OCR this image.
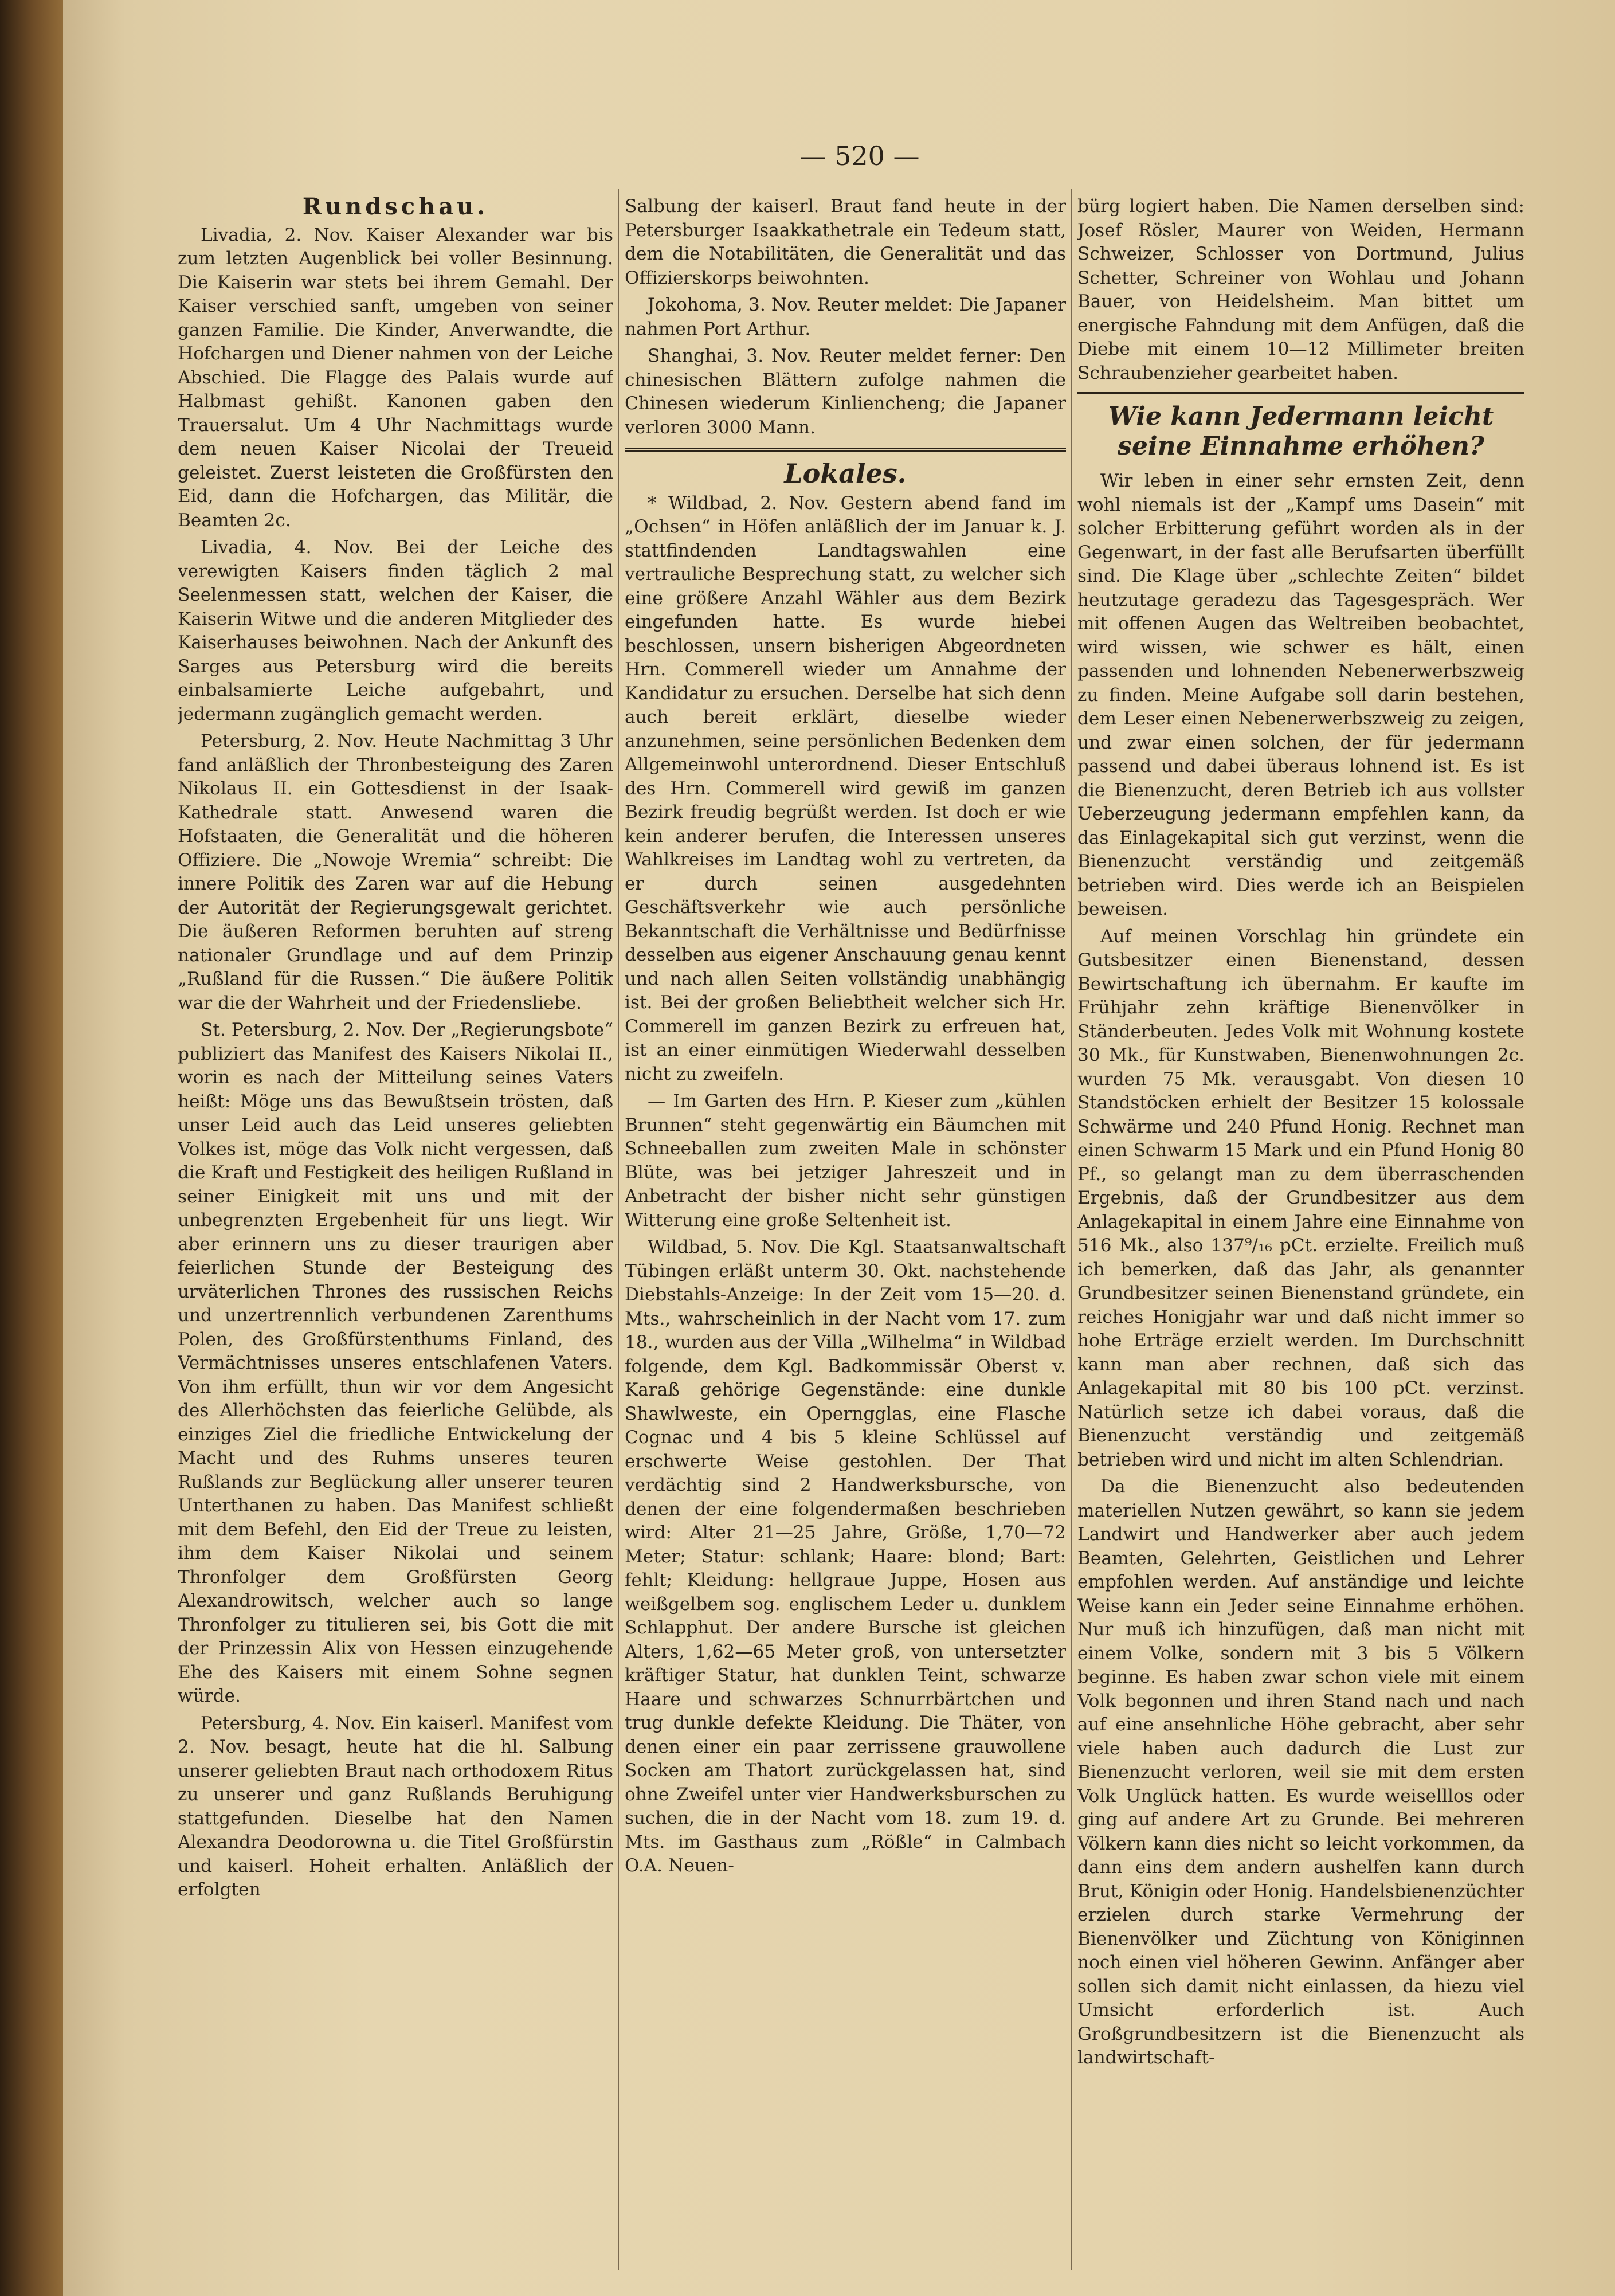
— 520 —
Rundschau.

Livadia, 2. Nov. Kaiser Alexander war bis zum letzten Augenblick bei voller Besinnung. Die Kaiserin war stets bei ihrem Gemahl. Der Kaiser verschied sanft, umgeben von seiner ganzen Familie. Die Kinder, Anverwandte, die Hofchargen und Diener nahmen von der Leiche Abschied. Die Flagge des Palais wurde auf Halbmast gehißt. Kanonen gaben den Trauersalut. Um 4 Uhr Nachmittags wurde dem neuen Kaiser Nicolai der Treueid geleistet. Zuerst leisteten die Großfürsten den Eid, dann die Hofchargen, das Militär, die Beamten 2c.

Livadia, 4. Nov. Bei der Leiche des verewigten Kaisers finden täglich 2 mal Seelenmessen statt, welchen der Kaiser, die Kaiserin Witwe und die anderen Mitglieder des Kaiserhauses beiwohnen. Nach der Ankunft des Sarges aus Petersburg wird die bereits einbalsamierte Leiche aufgebahrt, und jedermann zugänglich gemacht werden.

Petersburg, 2. Nov. Heute Nachmittag 3 Uhr fand anläßlich der Thronbesteigung des Zaren Nikolaus II. ein Gottesdienst in der Isaak-Kathedrale statt. Anwesend waren die Hofstaaten, die Generalität und die höheren Offiziere. Die „Nowoje Wremia“ schreibt: Die innere Politik des Zaren war auf die Hebung der Autorität der Regierungsgewalt gerichtet. Die äußeren Reformen beruhten auf streng nationaler Grundlage und auf dem Prinzip „Rußland für die Russen.“ Die äußere Politik war die der Wahrheit und der Friedensliebe.

St. Petersburg, 2. Nov. Der „Regierungsbote“ publiziert das Manifest des Kaisers Nikolai II., worin es nach der Mitteilung seines Vaters heißt: Möge uns das Bewußtsein trösten, daß unser Leid auch das Leid unseres geliebten Volkes ist, möge das Volk nicht vergessen, daß die Kraft und Festigkeit des heiligen Rußland in seiner Einigkeit mit uns und mit der unbegrenzten Ergebenheit für uns liegt. Wir aber erinnern uns zu dieser traurigen aber feierlichen Stunde der Besteigung des urväterlichen Thrones des russischen Reichs und unzertrennlich verbundenen Zarenthums Polen, des Großfürstenthums Finland, des Vermächtnisses unseres entschlafenen Vaters. Von ihm erfüllt, thun wir vor dem Angesicht des Allerhöchsten das feierliche Gelübde, als einziges Ziel die friedliche Entwickelung der Macht und des Ruhms unseres teuren Rußlands zur Beglückung aller unserer teuren Unterthanen zu haben. Das Manifest schließt mit dem Befehl, den Eid der Treue zu leisten, ihm dem Kaiser Nikolai und seinem Thronfolger dem Großfürsten Georg Alexandrowitsch, welcher auch so lange Thronfolger zu titulieren sei, bis Gott die mit der Prinzessin Alix von Hessen einzugehende Ehe des Kaisers mit einem Sohne segnen würde.

Petersburg, 4. Nov. Ein kaiserl. Manifest vom 2. Nov. besagt, heute hat die hl. Salbung unserer geliebten Braut nach orthodoxem Ritus zu unserer und ganz Rußlands Beruhigung stattgefunden. Dieselbe hat den Namen Alexandra Deodorowna u. die Titel Großfürstin und kaiserl. Hoheit erhalten. Anläßlich der erfolgten

Salbung der kaiserl. Braut fand heute in der Petersburger Isaakkathetrale ein Tedeum statt, dem die Notabilitäten, die Generalität und das Offizierskorps beiwohnten.

Jokohoma, 3. Nov. Reuter meldet: Die Japaner nahmen Port Arthur.

Shanghai, 3. Nov. Reuter meldet ferner: Den chinesischen Blättern zufolge nahmen die Chinesen wiederum Kinliencheng; die Japaner verloren 3000 Mann.

Lokales.

* Wildbad, 2. Nov. Gestern abend fand im „Ochsen“ in Höfen anläßlich der im Januar k. J. stattfindenden Landtagswahlen eine vertrauliche Besprechung statt, zu welcher sich eine größere Anzahl Wähler aus dem Bezirk eingefunden hatte. Es wurde hiebei beschlossen, unsern bisherigen Abgeordneten Hrn. Commerell wieder um Annahme der Kandidatur zu ersuchen. Derselbe hat sich denn auch bereit erklärt, dieselbe wieder anzunehmen, seine persönlichen Bedenken dem Allgemeinwohl unterordnend. Dieser Entschluß des Hrn. Commerell wird gewiß im ganzen Bezirk freudig begrüßt werden. Ist doch er wie kein anderer berufen, die Interessen unseres Wahlkreises im Landtag wohl zu vertreten, da er durch seinen ausgedehnten Geschäftsverkehr wie auch persönliche Bekanntschaft die Verhältnisse und Bedürfnisse desselben aus eigener Anschauung genau kennt und nach allen Seiten vollständig unabhängig ist. Bei der großen Beliebtheit welcher sich Hr. Commerell im ganzen Bezirk zu erfreuen hat, ist an einer einmütigen Wiederwahl desselben nicht zu zweifeln.

— Im Garten des Hrn. P. Kieser zum „kühlen Brunnen“ steht gegenwärtig ein Bäumchen mit Schneeballen zum zweiten Male in schönster Blüte, was bei jetziger Jahreszeit und in Anbetracht der bisher nicht sehr günstigen Witterung eine große Seltenheit ist.

Wildbad, 5. Nov. Die Kgl. Staatsanwaltschaft Tübingen erläßt unterm 30. Okt. nachstehende Diebstahls-Anzeige: In der Zeit vom 15—20. d. Mts., wahrscheinlich in der Nacht vom 17. zum 18., wurden aus der Villa „Wilhelma“ in Wildbad folgende, dem Kgl. Badkommissär Oberst v. Karaß gehörige Gegenstände: eine dunkle Shawlweste, ein Operngglas, eine Flasche Cognac und 4 bis 5 kleine Schlüssel auf erschwerte Weise gestohlen. Der That verdächtig sind 2 Handwerksbursche, von denen der eine folgendermaßen beschrieben wird: Alter 21—25 Jahre, Größe, 1,70—72 Meter; Statur: schlank; Haare: blond; Bart: fehlt; Kleidung: hellgraue Juppe, Hosen aus weißgelbem sog. englischem Leder u. dunklem Schlapphut. Der andere Bursche ist gleichen Alters, 1,62—65 Meter groß, von untersetzter kräftiger Statur, hat dunklen Teint, schwarze Haare und schwarzes Schnurrbärtchen und trug dunkle defekte Kleidung. Die Thäter, von denen einer ein paar zerrissene grauwollene Socken am Thatort zurückgelassen hat, sind ohne Zweifel unter vier Handwerksburschen zu suchen, die in der Nacht vom 18. zum 19. d. Mts. im Gasthaus zum „Rößle“ in Calmbach O.A. Neuen-

bürg logiert haben. Die Namen derselben sind: Josef Rösler, Maurer von Weiden, Hermann Schweizer, Schlosser von Dortmund, Julius Schetter, Schreiner von Wohlau und Johann Bauer, von Heidelsheim. Man bittet um energische Fahndung mit dem Anfügen, daß die Diebe mit einem 10—12 Millimeter breiten Schraubenzieher gearbeitet haben.

Wie kann Jedermann leicht seine Einnahme erhöhen?

Wir leben in einer sehr ernsten Zeit, denn wohl niemals ist der „Kampf ums Dasein“ mit solcher Erbitterung geführt worden als in der Gegenwart, in der fast alle Berufsarten überfüllt sind. Die Klage über „schlechte Zeiten“ bildet heutzutage geradezu das Tagesgespräch. Wer mit offenen Augen das Weltreiben beobachtet, wird wissen, wie schwer es hält, einen passenden und lohnenden Nebenerwerbszweig zu finden. Meine Aufgabe soll darin bestehen, dem Leser einen Nebenerwerbszweig zu zeigen, und zwar einen solchen, der für jedermann passend und dabei überaus lohnend ist. Es ist die Bienenzucht, deren Betrieb ich aus vollster Ueberzeugung jedermann empfehlen kann, da das Einlagekapital sich gut verzinst, wenn die Bienenzucht verständig und zeitgemäß betrieben wird. Dies werde ich an Beispielen beweisen.

Auf meinen Vorschlag hin gründete ein Gutsbesitzer einen Bienenstand, dessen Bewirtschaftung ich übernahm. Er kaufte im Frühjahr zehn kräftige Bienenvölker in Ständerbeuten. Jedes Volk mit Wohnung kostete 30 Mk., für Kunstwaben, Bienenwohnungen 2c. wurden 75 Mk. verausgabt. Von diesen 10 Standstöcken erhielt der Besitzer 15 kolossale Schwärme und 240 Pfund Honig. Rechnet man einen Schwarm 15 Mark und ein Pfund Honig 80 Pf., so gelangt man zu dem überraschenden Ergebnis, daß der Grundbesitzer aus dem Anlagekapital in einem Jahre eine Einnahme von 516 Mk., also 137⁹/₁₆ pCt. erzielte. Freilich muß ich bemerken, daß das Jahr, als genannter Grundbesitzer seinen Bienenstand gründete, ein reiches Honigjahr war und daß nicht immer so hohe Erträge erzielt werden. Im Durchschnitt kann man aber rechnen, daß sich das Anlagekapital mit 80 bis 100 pCt. verzinst. Natürlich setze ich dabei voraus, daß die Bienenzucht verständig und zeitgemäß betrieben wird und nicht im alten Schlendrian.

Da die Bienenzucht also bedeutenden materiellen Nutzen gewährt, so kann sie jedem Landwirt und Handwerker aber auch jedem Beamten, Gelehrten, Geistlichen und Lehrer empfohlen werden. Auf anständige und leichte Weise kann ein Jeder seine Einnahme erhöhen. Nur muß ich hinzufügen, daß man nicht mit einem Volke, sondern mit 3 bis 5 Völkern beginne. Es haben zwar schon viele mit einem Volk begonnen und ihren Stand nach und nach auf eine ansehnliche Höhe gebracht, aber sehr viele haben auch dadurch die Lust zur Bienenzucht verloren, weil sie mit dem ersten Volk Unglück hatten. Es wurde weiselllos oder ging auf andere Art zu Grunde. Bei mehreren Völkern kann dies nicht so leicht vorkommen, da dann eins dem andern aushelfen kann durch Brut, Königin oder Honig. Handelsbienenzüchter erzielen durch starke Vermehrung der Bienenvölker und Züchtung von Königinnen noch einen viel höheren Gewinn. Anfänger aber sollen sich damit nicht einlassen, da hiezu viel Umsicht erforderlich ist. Auch Großgrundbesitzern ist die Bienenzucht als landwirtschaft-
